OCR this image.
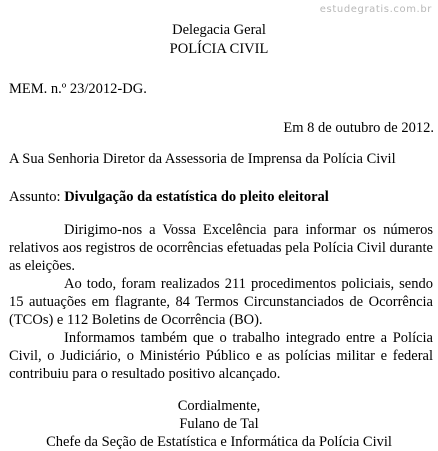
estudegratis.com.br
Delegacia Geral
POLÍCIA CIVIL
MEM. n.º 23/2012-DG.
Em 8 de outubro de 2012.
A Sua Senhoria Diretor da Assessoria de Imprensa da Polícia Civil
Assunto: Divulgação da estatística do pleito eleitoral

Dirigimo-nos a Vossa Excelência para informar os números relativos aos registros de ocorrências efetuadas pela Polícia Civil durante as eleições.

Ao todo, foram realizados 211 procedimentos policiais, sendo 15 autuações em flagrante, 84 Termos Circunstanciados de Ocorrência (TCOs) e 112 Boletins de Ocorrência (BO).

Informamos também que o trabalho integrado entre a Polícia Civil, o Judiciário, o Ministério Público e as polícias militar e federal contribuiu para o resultado positivo alcançado.

Cordialmente,
Fulano de Tal
Chefe da Seção de Estatística e Informática da Polícia Civil
